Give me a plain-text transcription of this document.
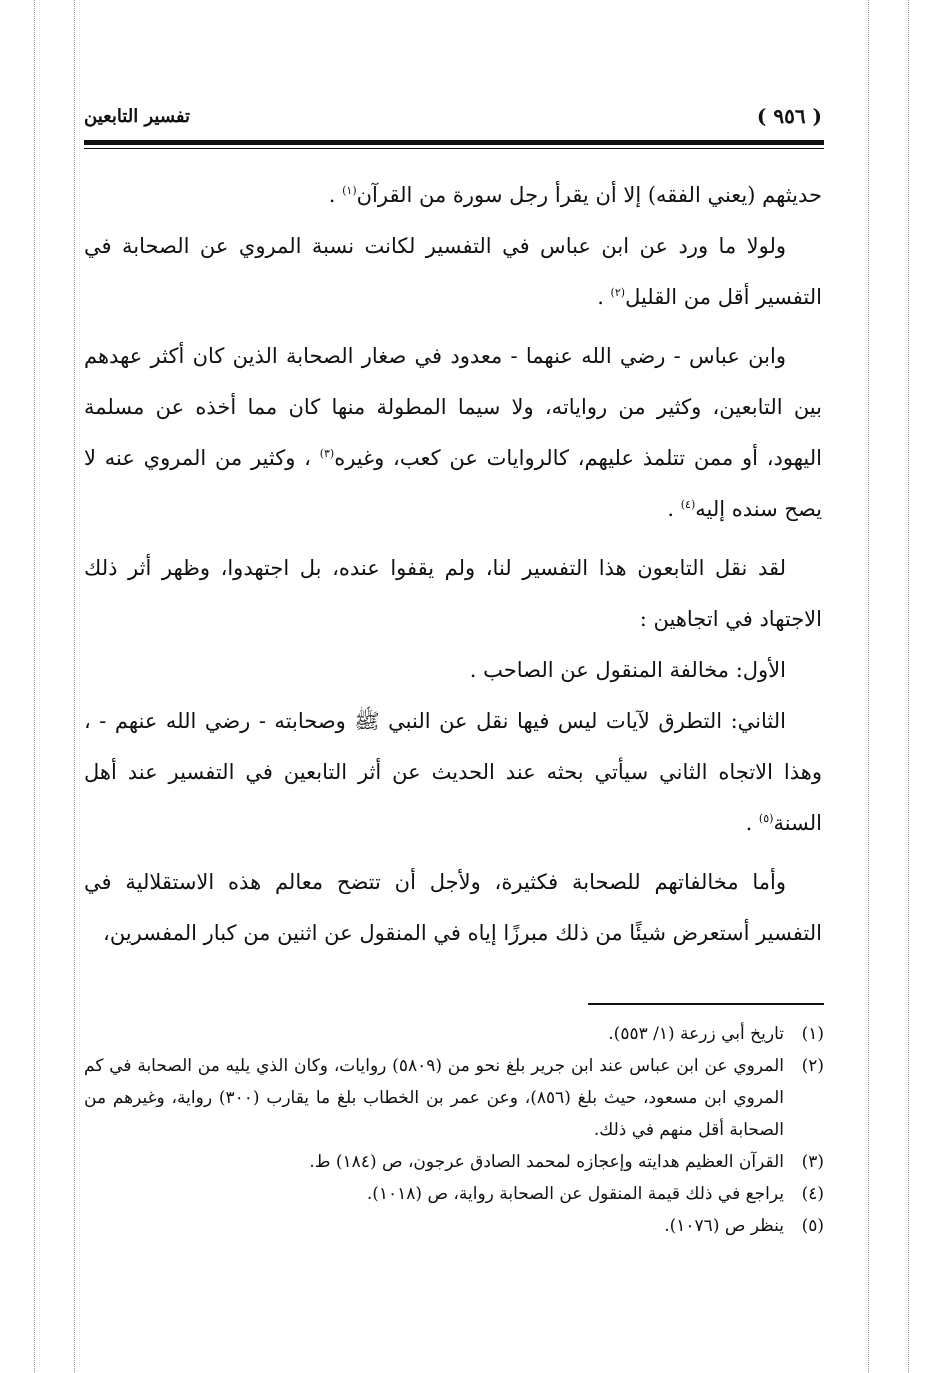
( ٩٥٦ )
تفسير التابعين

حديثهم (يعني الفقه) إلا أن يقرأ رجل سورة من القرآن$^{(١)}$ .

ولولا ما ورد عن ابن عباس في التفسير لكانت نسبة المروي عن الصحابة في التفسير أقل من القليل$^{(٢)}$ .

وابن عباس - رضي الله عنهما - معدود في صغار الصحابة الذين كان أكثر عهدهم بين التابعين، وكثير من رواياته، ولا سيما المطولة منها كان مما أخذه عن مسلمة اليهود، أو ممن تتلمذ عليهم، كالروايات عن كعب، وغيره$^{(٣)}$ ، وكثير من المروي عنه لا يصح سنده إليه$^{(٤)}$ .

لقد نقل التابعون هذا التفسير لنا، ولم يقفوا عنده، بل اجتهدوا، وظهر أثر ذلك الاجتهاد في اتجاهين :

الأول: مخالفة المنقول عن الصاحب .

الثاني: التطرق لآيات ليس فيها نقل عن النبي ﷺ وصحابته - رضي الله عنهم - ، وهذا الاتجاه الثاني سيأتي بحثه عند الحديث عن أثر التابعين في التفسير عند أهل السنة$^{(٥)}$ .

وأما مخالفاتهم للصحابة فكثيرة، ولأجل أن تتضح معالم هذه الاستقلالية في التفسير أستعرض شيئًا من ذلك مبرزًا إياه في المنقول عن اثنين من كبار المفسرين،

(١)
تاريخ أبي زرعة (١/ ٥٥٣).
(٢)
المروي عن ابن عباس عند ابن جرير بلغ نحو من (٥٨٠٩) روايات، وكان الذي يليه من الصحابة في كم المروي ابن مسعود، حيث بلغ (٨٥٦)، وعن عمر بن الخطاب بلغ ما يقارب (٣٠٠) رواية، وغيرهم من الصحابة أقل منهم في ذلك.
(٣)
القرآن العظيم هدايته وإعجازه لمحمد الصادق عرجون، ص (١٨٤) ط.
(٤)
يراجع في ذلك قيمة المنقول عن الصحابة رواية، ص (١٠١٨).
(٥)
ينظر ص (١٠٧٦).
